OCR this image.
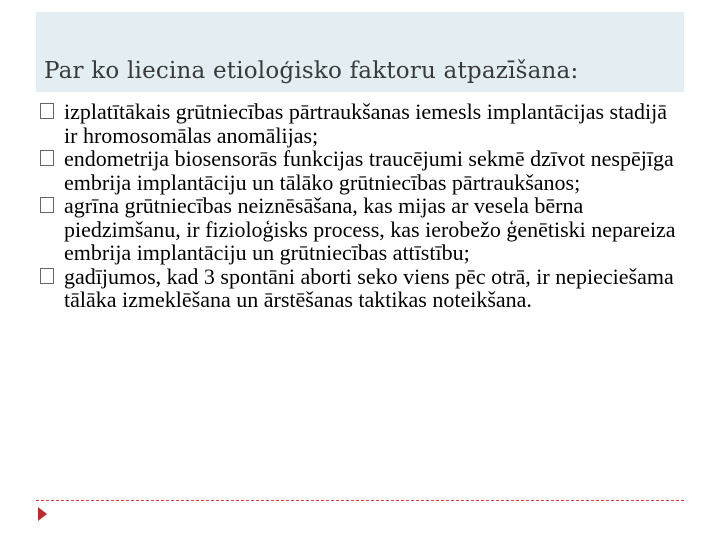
Par ko liecina etioloģisko faktoru atpazīšana:

izplatītākais grūtniecības pārtraukšanas iemesls implantācijas stadijā ir hromosomālas anomālijas;

endometrija biosensorās funkcijas traucējumi sekmē dzīvot nespējīga embrija implantāciju un tālāko grūtniecības pārtraukšanos;

agrīna grūtniecības neiznēsāšana, kas mijas ar vesela bērna piedzimšanu, ir fizioloģisks process, kas ierobežo ģenētiski nepareiza embrija implantāciju un grūtniecības attīstību;

gadījumos, kad 3 spontāni aborti seko viens pēc otrā, ir nepieciešama tālāka izmeklēšana un ārstēšanas taktikas noteikšana.
